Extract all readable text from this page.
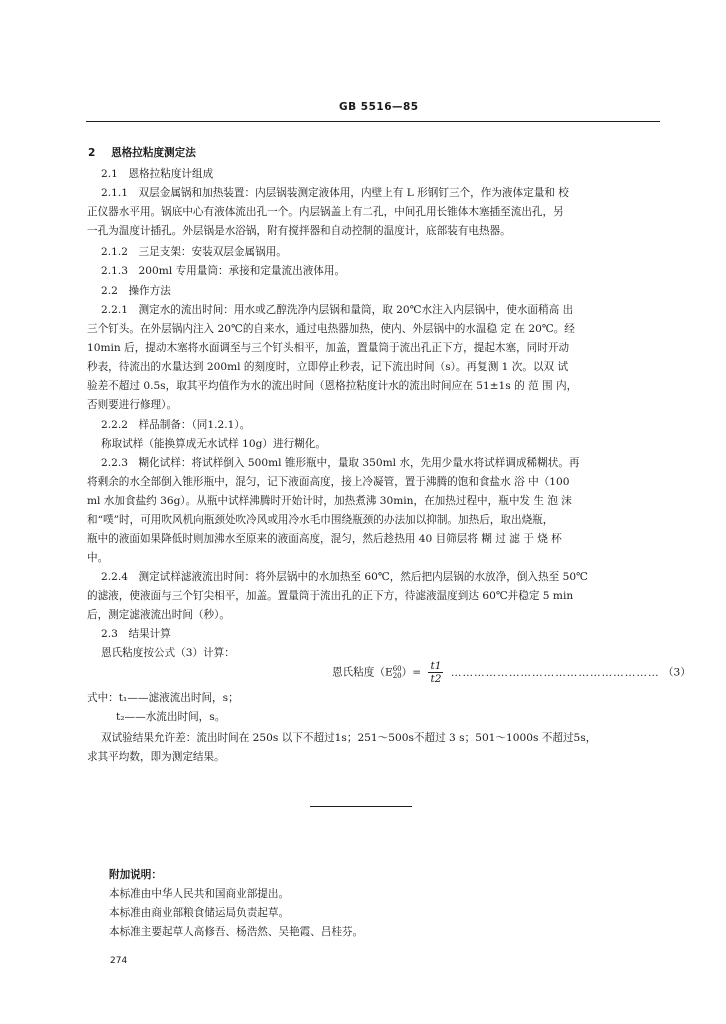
GB 5516—85
2 恩格拉粘度测定法
2.1　恩格拉粘度计组成
2.1.1　双层金属锅和加热装置：内层锅装测定液体用，内壁上有 L 形钢钉三个，作为液体定量和 校
正仪器水平用。锅底中心有液体流出孔一个。内层锅盖上有二孔，中间孔用长锥体木塞插至流出孔，另
一孔为温度计插孔。外层锅是水浴锅，附有搅拌器和自动控制的温度计，底部装有电热器。
2.1.2　三足支架：安装双层金属锅用。
2.1.3　200ml 专用量筒：承接和定量流出液体用。
2.2　操作方法
2.2.1　测定水的流出时间：用水或乙醇洗净内层锅和量筒，取 20℃水注入内层锅中，使水面稍高 出
三个钉头。在外层锅内注入 20℃的自来水，通过电热器加热，使内、外层锅中的水温稳 定 在 20℃。经
10min 后，提动木塞将水面调至与三个钉头相平，加盖，置量筒于流出孔正下方，提起木塞，同时开动
秒表，待流出的水量达到 200ml 的刻度时，立即停止秒表，记下流出时间（s）。再复测 1 次。以双 试
验差不超过 0.5s，取其平均值作为水的流出时间（恩格拉粘度计水的流出时间应在 51±1s 的 范 围 内，
否则要进行修理）。
2.2.2　样品制备：（同1.2.1）。
称取试样（能换算成无水试样 10g）进行糊化。
2.2.3　糊化试样：将试样倒入 500ml 锥形瓶中，量取 350ml 水，先用少量水将试样调成稀糊状。再
将剩余的水全部倒入锥形瓶中，混匀，记下液面高度，接上冷凝管，置于沸腾的饱和食盐水 浴 中（100
ml 水加食盐约 36g）。从瓶中试样沸腾时开始计时，加热煮沸 30min，在加热过程中，瓶中发 生 泡 沫
和“噗”时，可用吹风机向瓶颈处吹冷风或用冷水毛巾围绕瓶颈的办法加以抑制。加热后，取出烧瓶，
瓶中的液面如果降低时则加沸水至原来的液面高度，混匀，然后趁热用 40 目筛层将 糊 过 滤 于 烧 杯
中。
2.2.4　测定试样滤液流出时间：将外层锅中的水加热至 60℃，然后把内层锅的水放净，倒入热至 50℃
的滤液，使液面与三个钉尖相平，加盖。置量筒于流出孔的正下方，待滤液温度到达 60℃并稳定 5 min
后，测定滤液流出时间（秒）。
2.3　结果计算
恩氏粘度按公式（3）计算：
恩氏粘度（E 60
20 ）= $\frac{t1}{t2}$ ……………………………………………… （3）
式中：t₁——滤液流出时间，s；
t₂——水流出时间，s。
双试验结果允许差：流出时间在 250s 以下不超过1s；251～500s不超过 3 s；501～1000s 不超过5s，
求其平均数，即为测定结果。
附加说明：
本标准由中华人民共和国商业部提出。
本标准由商业部粮食储运局负责起草。
本标准主要起草人高修吾、杨浩然、吴艳霞、吕桂芬。
274
